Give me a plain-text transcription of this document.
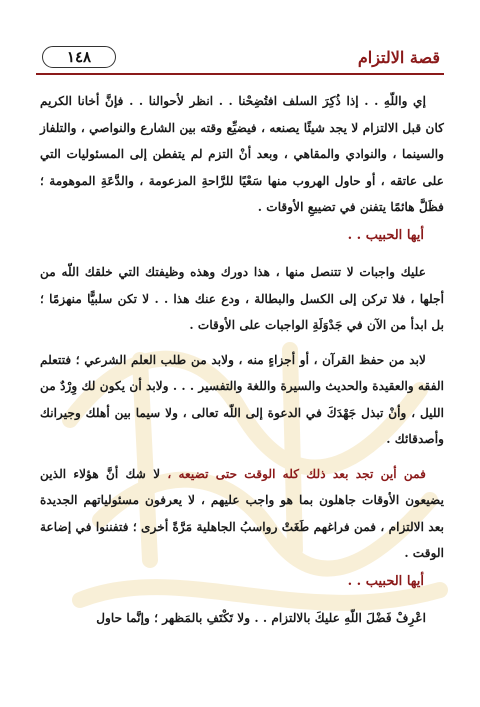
قصة الالتزام
١٤٨

إي واللّهِ . . إذا ذُكِرَ السلف افتُضِحْنا . . انظر لأحوالنا . . فإنَّ أخانا الكريم كان قبل الالتزام لا يجد شيئًا يصنعه ، فيضيِّع وقته بين الشارع والنواصي ، والتلفاز والسينما ، والنوادي والمقاهي ، وبعد أنْ التزم لم يتفطن إلى المسئوليات التي على عاتقه ، أو حاول الهروب منها سَعْيًا للرَّاحةِ المزعومة ، والدَّعَةِ الموهومة ؛ فظَلَّ هائمًا يتفنن في تضييعِ الأوقات .

أيها الحبيب . .

عليك واجبات لا تتنصل منها ، هذا دورك وهذه وظيفتك التي خلقك اللّه من أجلها ، فلا تركن إلى الكسل والبطالة ، ودع عنك هذا . . لا تكن سلبيًّا منهزمًا ؛ بل ابدأ من الآن في جَدْوَلَةِ الواجبات على الأوقات .

لابد من حفظ القرآن ، أو أجزاءٍ منه ، ولابد من طلب العلم الشرعي ؛ فتتعلم الفقه والعقيدة والحديث والسيرة واللغة والتفسير . . . ولابد أن يكون لك وِرْدٌ من الليل ، وأنْ تبذل جَهْدَكَ في الدعوة إلى اللّه تعالى ، ولا سيما بين أهلك وجيرانك وأصدقائك .

فمن أين تجد بعد ذلك كله الوقت حتى تضيعه ، لا شك أنَّ هؤلاء الذين يضيعون الأوقات جاهلون بما هو واجب عليهم ، لا يعرفون مسئولياتهم الجديدة بعد الالتزام ، فمن فراغهم طَغَتْ رواسبُ الجاهلية مَرَّةً أخرى ؛ فتفننوا في إضاعة الوقت .

أيها الحبيب . .

اعْرِفْ فَضْلَ اللّهِ عليكَ بالالتزام . . ولا تَكْتَفِ بالمَظهر ؛ وإنَّما حاول
